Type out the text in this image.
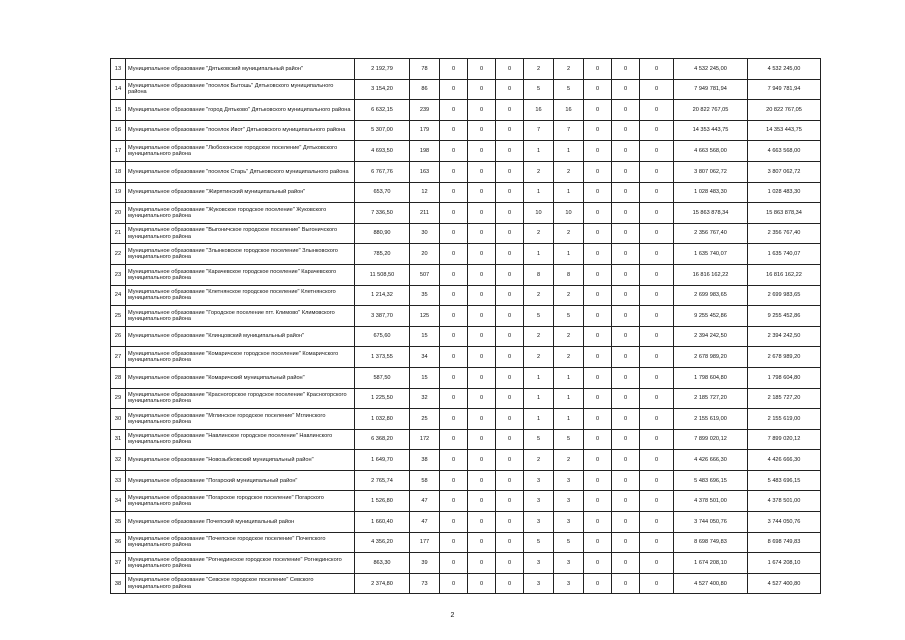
13	Муниципальное образование "Дятьковский муниципальный район"	2 192,79	78	0	0	0	2	2	0	0	0	4 532 245,00	4 532 245,00
14	Муниципальное образование "поселок Бытошь" Дятьковского муниципального района	3 154,20	86	0	0	0	5	5	0	0	0	7 949 781,94	7 949 781,94
15	Муниципальное образование "город Дятьково" Дятьковского муниципального района	6 632,15	239	0	0	0	16	16	0	0	0	20 822 767,05	20 822 767,05
16	Муниципальное образование "поселок Ивот" Дятьковского муниципального района	5 307,00	179	0	0	0	7	7	0	0	0	14 353 443,75	14 353 443,75
17	Муниципальное образование "Любохонское городское поселение" Дятьковского муниципального района	4 693,50	198	0	0	0	1	1	0	0	0	4 663 568,00	4 663 568,00
18	Муниципальное образование "поселок Старь" Дятьковского муниципального района	6 767,76	163	0	0	0	2	2	0	0	0	3 807 062,72	3 807 062,72
19	Муниципальное образование "Жирятинский муниципальный район"	653,70	12	0	0	0	1	1	0	0	0	1 028 483,30	1 028 483,30
20	Муниципальное образование "Жуковское городское поселение" Жуковского муниципального района	7 336,50	211	0	0	0	10	10	0	0	0	15 863 878,34	15 863 878,34
21	Муниципальное образование "Выгоничское городское поселение" Выгоничского муниципального района	880,90	30	0	0	0	2	2	0	0	0	2 356 767,40	2 356 767,40
22	Муниципальное образование "Злынковское городское поселение" Злынковского муниципального района	785,20	20	0	0	0	1	1	0	0	0	1 635 740,07	1 635 740,07
23	Муниципальное образование "Карачевское городское поселение" Карачевского муниципального района	11 508,50	507	0	0	0	8	8	0	0	0	16 816 162,22	16 816 162,22
24	Муниципальное образование "Клетнянское городское поселение" Клетнянского муниципального района	1 214,32	35	0	0	0	2	2	0	0	0	2 699 983,65	2 699 983,65
25	Муниципальное образование "Городское поселение пгт. Климово" Климовского муниципального района	3 387,70	125	0	0	0	5	5	0	0	0	9 255 452,86	9 255 452,86
26	Муниципальное образование "Клинцовский муниципальный район"	675,60	15	0	0	0	2	2	0	0	0	2 394 242,50	2 394 242,50
27	Муниципальное образование "Комаричское городское поселение" Комаричского муниципального района	1 373,55	34	0	0	0	2	2	0	0	0	2 678 989,20	2 678 989,20
28	Муниципальное образование "Комаричский муниципальный район"	587,50	15	0	0	0	1	1	0	0	0	1 798 604,80	1 798 604,80
29	Муниципальное образование "Красногорское городское поселение" Красногорского муниципального района	1 225,50	32	0	0	0	1	1	0	0	0	2 185 727,20	2 185 727,20
30	Муниципальное образование "Мглинское городское поселение" Мглинского муниципального района	1 032,80	25	0	0	0	1	1	0	0	0	2 155 619,00	2 155 619,00
31	Муниципальное образование "Навлинское городское поселение" Навлинского муниципального района	6 368,20	172	0	0	0	5	5	0	0	0	7 899 020,12	7 899 020,12
32	Муниципальное образование "Новозыбковский муниципальный район"	1 649,70	38	0	0	0	2	2	0	0	0	4 426 666,30	4 426 666,30
33	Муниципальное образование "Погарский муниципальный район"	2 765,74	58	0	0	0	3	3	0	0	0	5 483 696,15	5 483 696,15
34	Муниципальное образование "Погарское городское поселение" Погарского муниципального района	1 526,80	47	0	0	0	3	3	0	0	0	4 378 501,00	4 378 501,00
35	Муниципальное образование Почепский муниципальный район	1 660,40	47	0	0	0	3	3	0	0	0	3 744 050,76	3 744 050,76
36	Муниципальное образование "Почепское городское поселение" Почепского муниципального района	4 356,20	177	0	0	0	5	5	0	0	0	8 698 749,83	8 698 749,83
37	Муниципальное образование "Рогнединское городское поселение" Рогнединского муниципального района	863,30	39	0	0	0	3	3	0	0	0	1 674 208,10	1 674 208,10
38	Муниципальное образование "Севское городское поселение" Севского муниципального района	2 374,80	73	0	0	0	3	3	0	0	0	4 527 400,80	4 527 400,80
2
